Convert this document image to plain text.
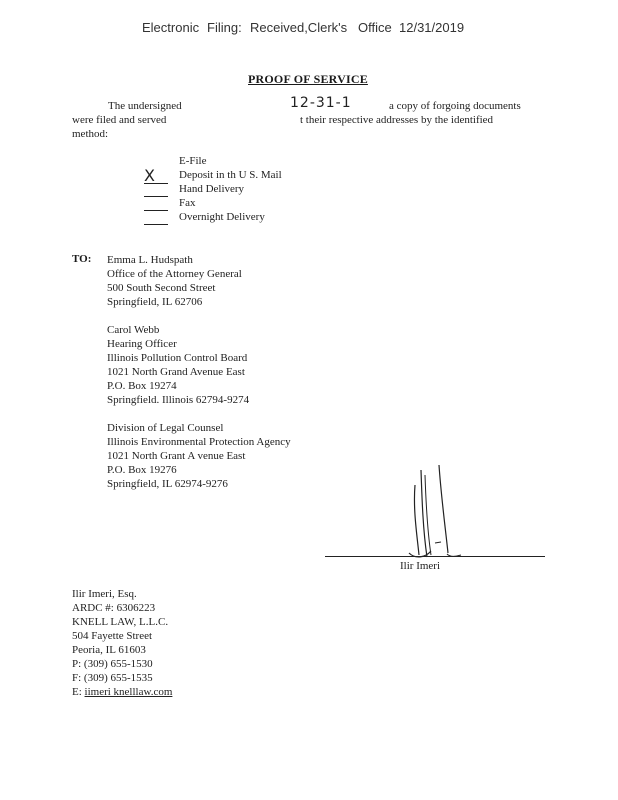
Electronic Filing: Received,Clerk's Office 12/31/2019
PROOF OF SERVICE
The undersigned	12-31-1	a copy of forgoing documents
were filed and served	t their respective addresses by the identified
method:
E-File
X Deposit in th U S. Mail
Hand Delivery
Fax
Overnight Delivery
TO: Emma L. Hudspath
Office of the Attorney General
500 South Second Street
Springfield, IL 62706
Carol Webb
Hearing Officer
Illinois Pollution Control Board
1021 North Grand Avenue East
P.O. Box 19274
Springfield. Illinois 62794-9274
Division of Legal Counsel
Illinois Environmental Protection Agency
1021 North Grant A venue East
P.O. Box 19276
Springfield, IL 62974-9276
Ilir Imeri
Ilir Imeri, Esq.
ARDC #: 6306223
KNELL LAW, L.L.C.
504 Fayette Street
Peoria, IL 61603
P: (309) 655-1530
F: (309) 655-1535
E: iimeri knelllaw.com
